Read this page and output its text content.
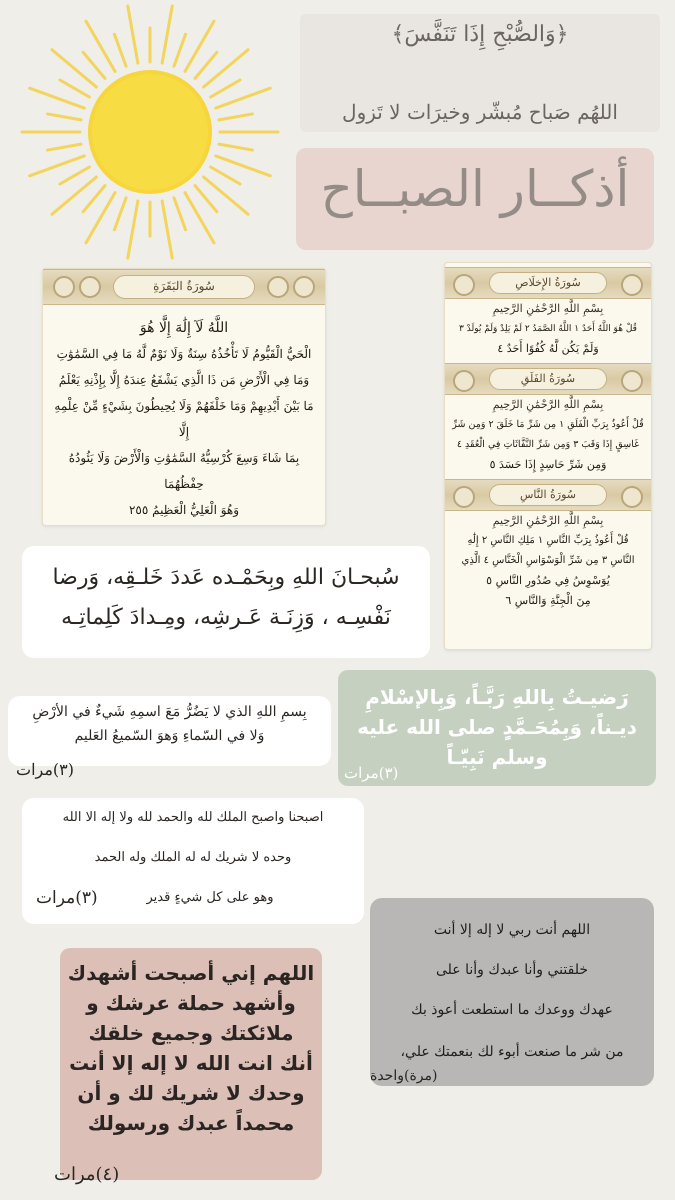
﴿وَالصُّبْحِ إِذَا تَنَفَّسَ﴾
اللهُم صَباح مُبشّر وخيرَات لا تَزول
أذكــار الصبــاح
سُورَةُ البَقَرَةِ
اللَّهُ لَآ إِلَٰهَ إِلَّا هُوَ
الْحَيُّ الْقَيُّومُ لَا تَأْخُذُهُ سِنَةٌ وَلَا نَوْمٌ لَّهُ مَا فِي السَّمَٰوَٰتِ
وَمَا فِي الْأَرْضِ مَن ذَا الَّذِي يَشْفَعُ عِندَهُ إِلَّا بِإِذْنِهِ يَعْلَمُ
مَا بَيْنَ أَيْدِيهِمْ وَمَا خَلْفَهُمْ وَلَا يُحِيطُونَ بِشَيْءٍ مِّنْ عِلْمِهِ إِلَّا
بِمَا شَاءَ وَسِعَ كُرْسِيُّهُ السَّمَٰوَٰتِ وَالْأَرْضَ وَلَا يَئُودُهُ حِفْظُهُمَا
وَهُوَ الْعَلِيُّ الْعَظِيمُ ٢٥٥
سُورَةُ الإِخلَاصِ
بِسْمِ اللَّهِ الرَّحْمَٰنِ الرَّحِيمِ
قُلْ هُوَ اللَّهُ أَحَدٌ ١ اللَّهُ الصَّمَدُ ٢ لَمْ يَلِدْ وَلَمْ يُولَدْ ٣
وَلَمْ يَكُن لَّهُ كُفُوًا أَحَدٌ ٤
سُورَةُ الفَلَقِ
بِسْمِ اللَّهِ الرَّحْمَٰنِ الرَّحِيمِ
قُلْ أَعُوذُ بِرَبِّ الْفَلَقِ ١ مِن شَرِّ مَا خَلَقَ ٢ وَمِن شَرِّ
غَاسِقٍ إِذَا وَقَبَ ٣ وَمِن شَرِّ النَّفَّاثَاتِ فِي الْعُقَدِ ٤
وَمِن شَرِّ حَاسِدٍ إِذَا حَسَدَ ٥
سُورَةُ النَّاسِ
بِسْمِ اللَّهِ الرَّحْمَٰنِ الرَّحِيمِ
قُلْ أَعُوذُ بِرَبِّ النَّاسِ ١ مَلِكِ النَّاسِ ٢ إِلَٰهِ
النَّاسِ ٣ مِن شَرِّ الْوَسْوَاسِ الْخَنَّاسِ ٤ الَّذِي
يُوَسْوِسُ فِي صُدُورِ النَّاسِ ٥
مِنَ الْجِنَّةِ وَالنَّاسِ ٦
سُبحـانَ اللهِ وبِحَمْـده عَددَ خَلـقِه، وَرضا نَفْسِـه ، وَزِنَـة عَـرشِه، ومِـدادَ كَلِماتِـه
بِسمِ اللهِ الذي لا يَضُرُّ مَعَ اسمِهِ شَيءٌ في الأرْضِ
وَلا في السّماءِ وَهوَ السّميعُ العَليم
(٣)مرات
رَضيـتُ بِاللهِ رَبَّـاً، وَبِالإسْلامِ ديـناً، وَبِمُحَـمَّدٍ صلى الله عليه وسلم نَبِيّـاً
(٣)مرات
اصبحنا واصبح الملك لله والحمد لله ولا إله الا الله
وحده لا شريك له له الملك وله الحمد
وهو على كل شيءٍ قدير
(٣)مرات
اللهم أنت ربي لا إله إلا أنت
خلقتني وأنا عبدك وأنا على
عهدك ووعدك ما استطعت أعوذ بك
من شر ما صنعت أبوء لك بنعمتك علي،
(مرة)واحدة
اللهم إني أصبحت أشهدك
وأشهد حملة عرشك و
ملائكتك وجميع خلقك
أنك انت الله لا إله إلا أنت
وحدك لا شريك لك و أن
محمداً عبدك ورسولك
(٤)مرات
